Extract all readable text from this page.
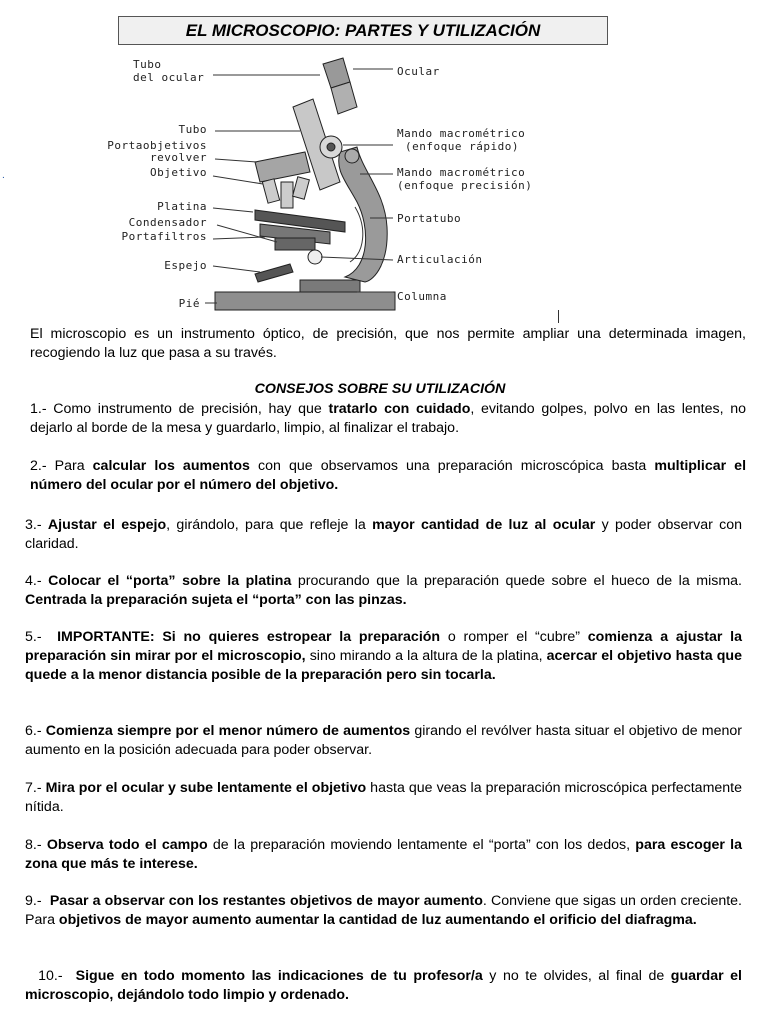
EL MICROSCOPIO: PARTES Y UTILIZACIÓN
.
Tubo
del ocular
Tubo
Portaobjetivos
revolver
Objetivo
Platina
Condensador
Portafiltros
Espejo
Pié
Ocular
Mando macrométrico
(enfoque rápido)
Mando macrométrico
(enfoque precisión)
Portatubo
Articulación
Columna
El microscopio es un instrumento óptico, de precisión, que nos permite ampliar una determinada imagen, recogiendo la luz que pasa a su través.
CONSEJOS SOBRE SU UTILIZACIÓN
1.- Como instrumento de precisión, hay que tratarlo con cuidado, evitando golpes, polvo en las lentes, no dejarlo al borde de la mesa y guardarlo, limpio, al finalizar el trabajo.
2.- Para calcular los aumentos con que observamos una preparación microscópica basta multiplicar el número del ocular por el número del objetivo.
3.- Ajustar el espejo, girándolo, para que refleje la mayor cantidad de luz al ocular y poder observar con claridad.
4.- Colocar el “porta” sobre la platina procurando que la preparación quede sobre el hueco de la misma. Centrada la preparación sujeta el “porta” con las pinzas.
5.-  IMPORTANTE: Si no quieres estropear la preparación o romper el “cubre” comienza a ajustar la preparación sin mirar por el microscopio, sino mirando a la altura de la platina, acercar el objetivo hasta que quede a la menor distancia posible de la preparación pero sin tocarla.
6.- Comienza siempre por el menor número de aumentos girando el revólver hasta situar el objetivo de menor aumento en la posición adecuada para poder observar.
7.- Mira por el ocular y sube lentamente el objetivo hasta que veas la preparación microscópica perfectamente nítida.
8.- Observa todo el campo de la preparación moviendo lentamente el “porta” con los dedos, para escoger la zona que más te interese.
9.-  Pasar a observar con los restantes objetivos de mayor aumento. Conviene que sigas un orden creciente. Para objetivos de mayor aumento aumentar la cantidad de luz aumentando el orificio del diafragma.
10.-  Sigue en todo momento las indicaciones de tu profesor/a y no te olvides, al final de guardar el microscopio, dejándolo todo limpio y ordenado.
